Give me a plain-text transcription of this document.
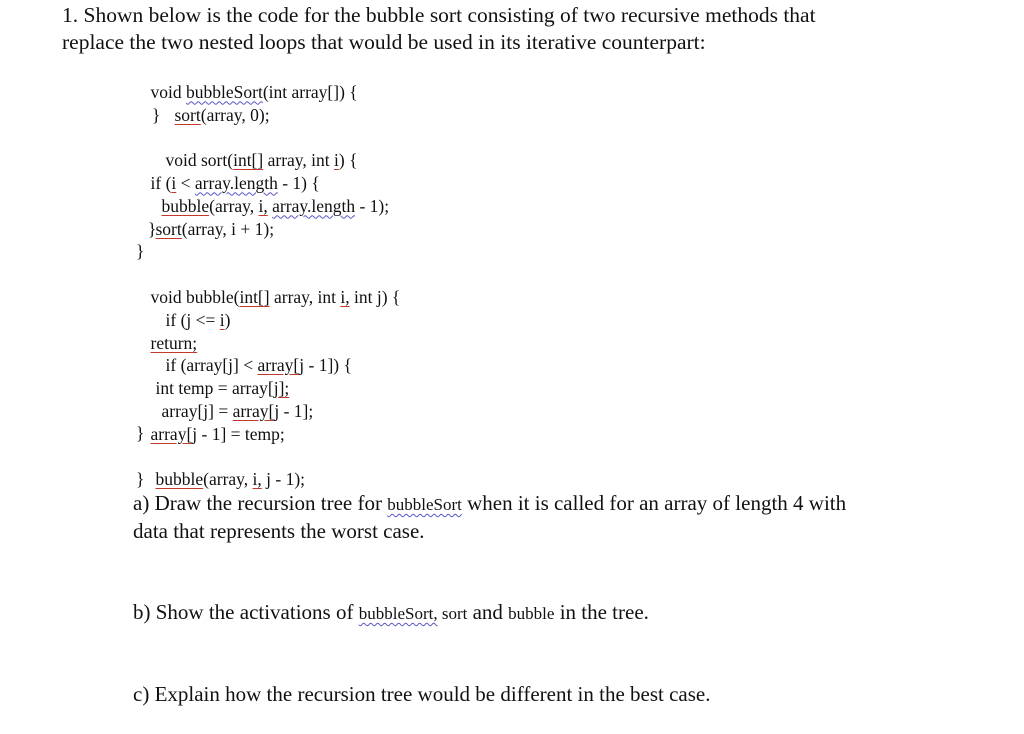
1. Shown below is the code for the bubble sort consisting of two recursive methods that
replace the two nested loops that would be used in its iterative counterpart:

void bubbleSort(int array[]) {

sort(array, 0);

}

void sort(int[] array, int i) {

if (i < array.length - 1) {

bubble(array, i, array.length - 1);

sort(array, i + 1);

}

}

void bubble(int[] array, int i, int j) {

if (j <= i)

return;

if (array[j] < array[j - 1]) {

int temp = array[j];

array[j] = array[j - 1];

array[j - 1] = temp;

}

bubble(array, i, j - 1);

}

a) Draw the recursion tree for bubbleSort when it is called for an array of length 4 with
data that represents the worst case.
b) Show the activations of bubbleSort, sort and bubble in the tree.
c) Explain how the recursion tree would be different in the best case.
